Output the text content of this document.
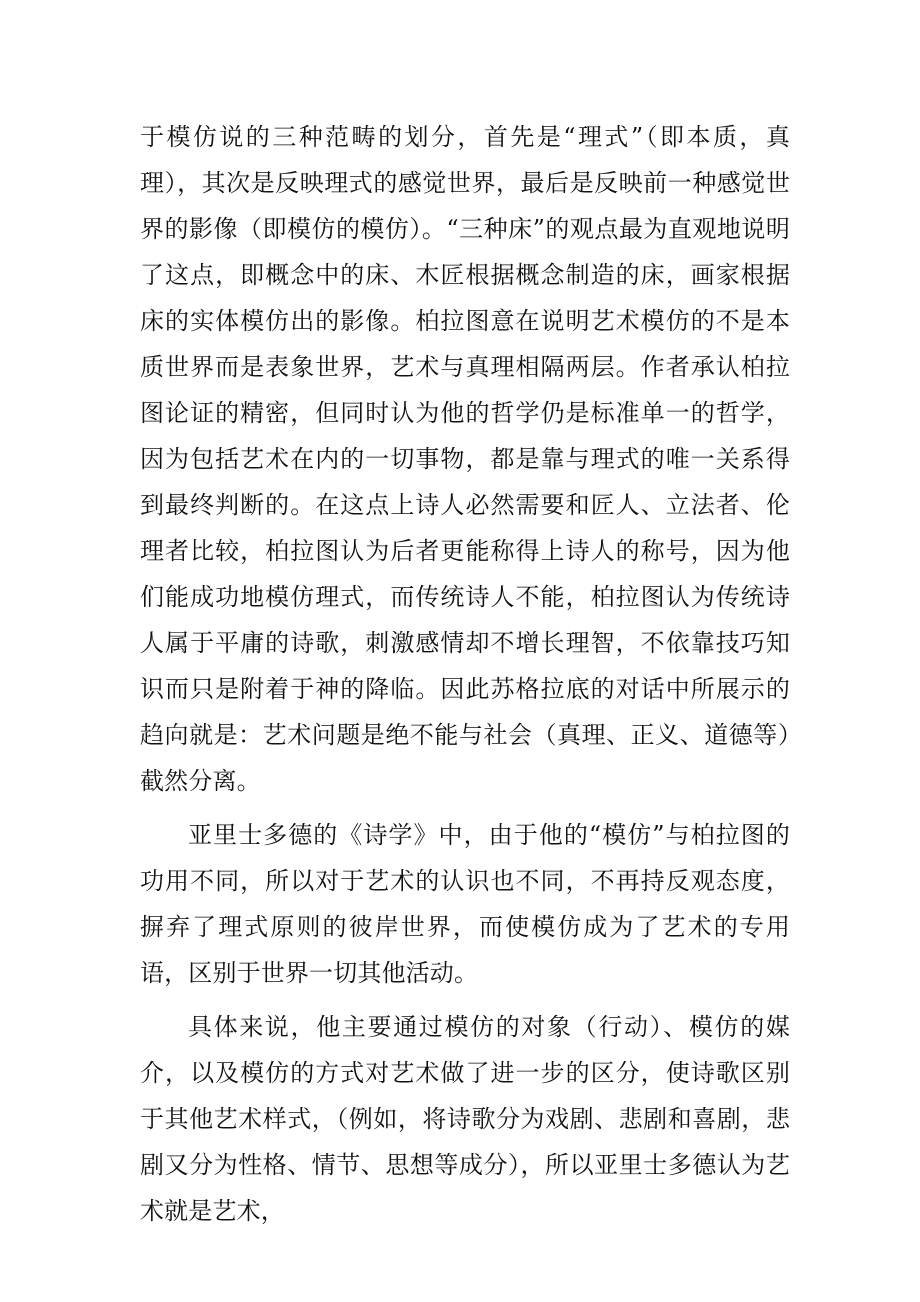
于模仿说的三种范畴的划分，首先是“理式”（即本质，真理），其次是反映理式的感觉世界，最后是反映前一种感觉世界的影像（即模仿的模仿）。“三种床”的观点最为直观地说明了这点，即概念中的床、木匠根据概念制造的床，画家根据床的实体模仿出的影像。柏拉图意在说明艺术模仿的不是本质世界而是表象世界，艺术与真理相隔两层。作者承认柏拉图论证的精密，但同时认为他的哲学仍是标准单一的哲学，因为包括艺术在内的一切事物，都是靠与理式的唯一关系得到最终判断的。在这点上诗人必然需要和匠人、立法者、伦理者比较，柏拉图认为后者更能称得上诗人的称号，因为他们能成功地模仿理式，而传统诗人不能，柏拉图认为传统诗人属于平庸的诗歌，刺激感情却不增长理智，不依靠技巧知识而只是附着于神的降临。因此苏格拉底的对话中所展示的趋向就是：艺术问题是绝不能与社会（真理、正义、道德等）截然分离。

亚里士多德的《诗学》中，由于他的“模仿”与柏拉图的功用不同，所以对于艺术的认识也不同，不再持反观态度，摒弃了理式原则的彼岸世界，而使模仿成为了艺术的专用语，区别于世界一切其他活动。

具体来说，他主要通过模仿的对象（行动）、模仿的媒介，以及模仿的方式对艺术做了进一步的区分，使诗歌区别于其他艺术样式，（例如，将诗歌分为戏剧、悲剧和喜剧，悲剧又分为性格、情节、思想等成分），所以亚里士多德认为艺术就是艺术，
